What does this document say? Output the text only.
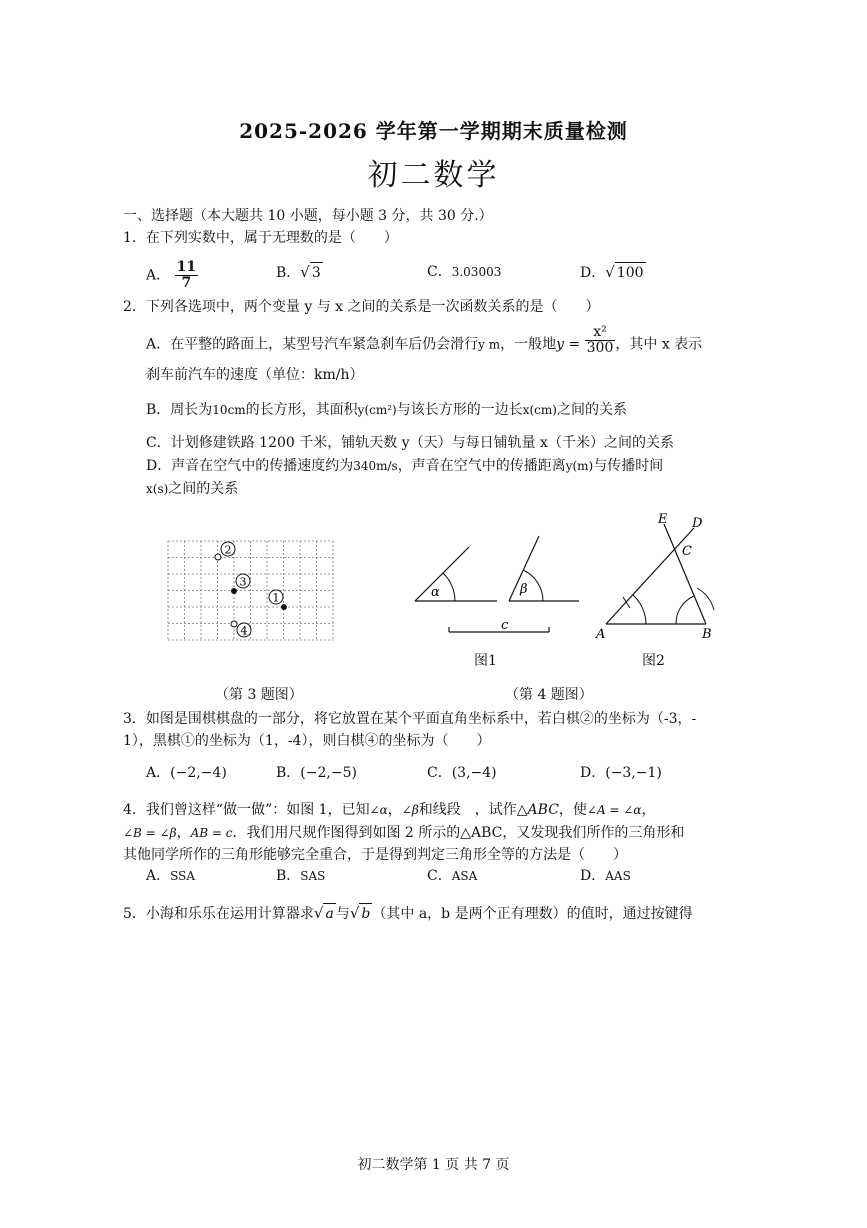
2025-2026 学年第一学期期末质量检测
初二数学
一、选择题（本大题共 10 小题，每小题 3 分，共 30 分.）
1．在下列实数中，属于无理数的是（　　）
A． $\frac{11}{7}$	B．√ 3	C．3.03003	D．√ 100
2．下列各选项中，两个变量 y 与 x 之间的关系是一次函数关系的是（　　）
A．在平整的路面上，某型号汽车紧急刹车后仍会滑行y m，一般地$y = \frac{\text{x²}}{300}$ ，其中 x 表示
刹车前汽车的速度（单位：km/h）
B．周长为10cm的长方形，其面积y(cm²)与该长方形的一边长x(cm)之间的关系
C．计划修建铁路 1200 千米，铺轨天数 y（天）与每日铺轨量 x（千米）之间的关系
D．声音在空气中的传播速度约为340m/s，声音在空气中的传播距离y(m)与传播时间
x(s)之间的关系
2
3
1
4
α	β
c
图1
A	B
C
D
E
图2
（第 3 题图）	（第 4 题图）
3．如图是围棋棋盘的一部分，将它放置在某个平面直角坐标系中，若白棋②的坐标为（-3，-
1），黑棋①的坐标为（1，-4），则白棋④的坐标为（　　）
A．(−2,−4)	B．(−2,−5)	C．(3,−4)	D．(−3,−1)
4．我们曾这样“做一做”：如图 1，已知∠α，∠β和线段　，试作△ABC，使∠A = ∠α，
∠B = ∠β，AB = c．我们用尺规作图得到如图 2 所示的△ABC，又发现我们所作的三角形和
其他同学所作的三角形能够完全重合，于是得到判定三角形全等的方法是（　　）
A．SSA	B．SAS	C．ASA	D．AAS
5．小海和乐乐在运用计算器求√ a 与√ b （其中 a，b 是两个正有理数）的值时，通过按键得
初二数学第 1 页 共 7 页
